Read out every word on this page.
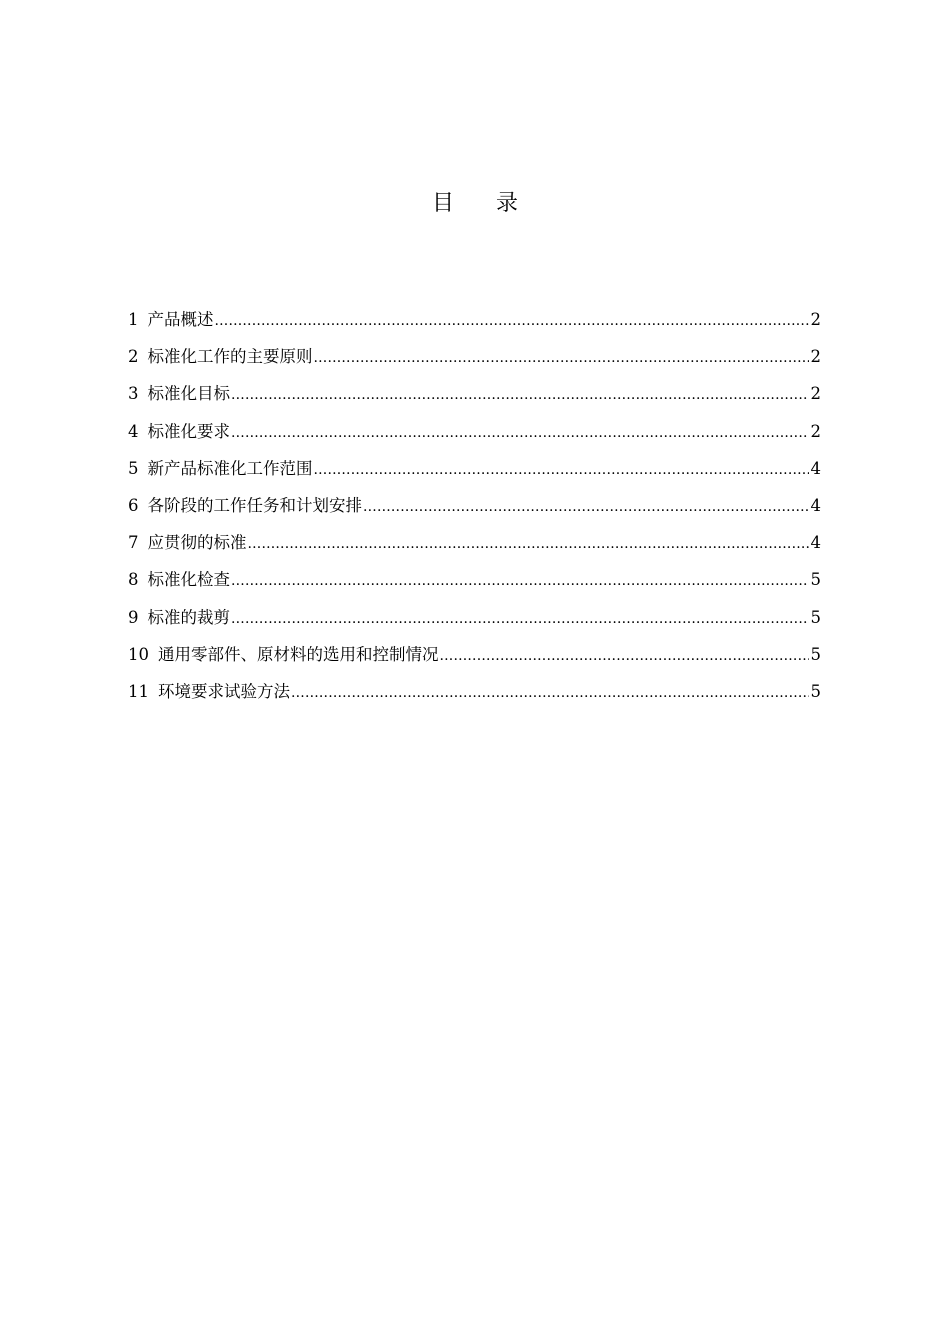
目 录
1 产品概述 .....	2
2 标准化工作的主要原则 .....	2
3 标准化目标 .....	2
4 标准化要求 .....	2
5 新产品标准化工作范围 .....	4
6 各阶段的工作任务和计划安排 .....	4
7 应贯彻的标准 .....	4
8 标准化检查 .....	5
9 标准的裁剪 .....	5
10 通用零部件、原材料的选用和控制情况 .....	5
11 环境要求试验方法 .....	5
